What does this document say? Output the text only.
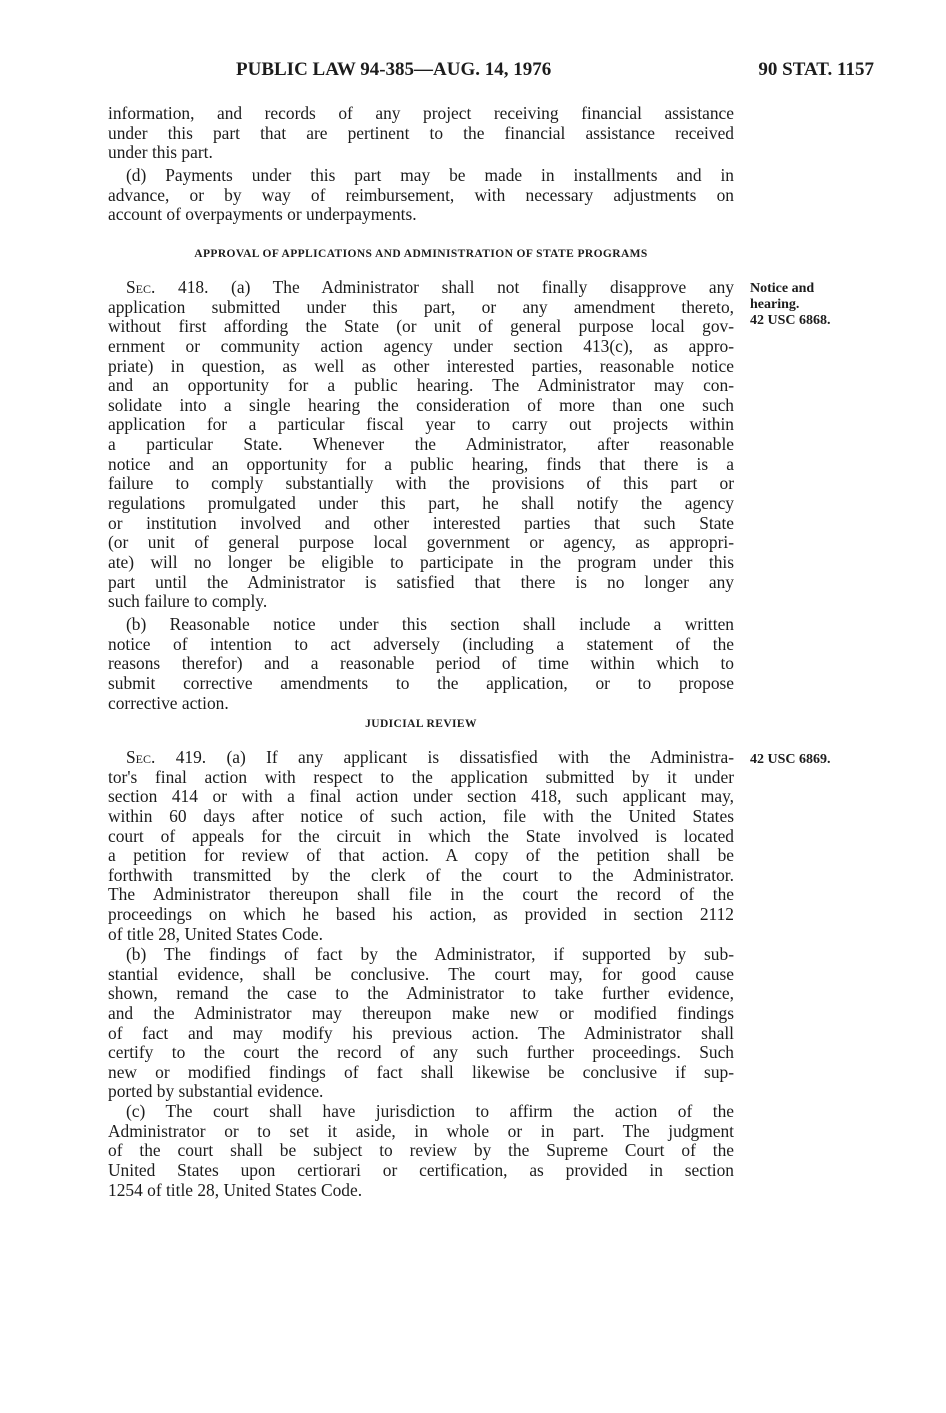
PUBLIC LAW 94-385—AUG. 14, 1976	90 STAT. 1157
information, and records of any project receiving financial assistance
under this part that are pertinent to the financial assistance received
under this part.
(d) Payments under this part may be made in installments and in
advance, or by way of reimbursement, with necessary adjustments on
account of overpayments or underpayments.
APPROVAL OF APPLICATIONS AND ADMINISTRATION OF STATE PROGRAMS
Sec. 418. (a) The Administrator shall not finally disapprove any
application submitted under this part, or any amendment thereto,
without first affording the State (or unit of general purpose local gov-
ernment or community action agency under section 413(c), as appro-
priate) in question, as well as other interested parties, reasonable notice
and an opportunity for a public hearing. The Administrator may con-
solidate into a single hearing the consideration of more than one such
application for a particular fiscal year to carry out projects within
a particular State. Whenever the Administrator, after reasonable
notice and an opportunity for a public hearing, finds that there is a
failure to comply substantially with the provisions of this part or
regulations promulgated under this part, he shall notify the agency
or institution involved and other interested parties that such State
(or unit of general purpose local government or agency, as appropri-
ate) will no longer be eligible to participate in the program under this
part until the Administrator is satisfied that there is no longer any
such failure to comply.
(b) Reasonable notice under this section shall include a written
notice of intention to act adversely (including a statement of the
reasons therefor) and a reasonable period of time within which to
submit corrective amendments to the application, or to propose
corrective action.
Notice and
hearing.
42 USC 6868.
JUDICIAL REVIEW
Sec. 419. (a) If any applicant is dissatisfied with the Administra-
tor's final action with respect to the application submitted by it under
section 414 or with a final action under section 418, such applicant may,
within 60 days after notice of such action, file with the United States
court of appeals for the circuit in which the State involved is located
a petition for review of that action. A copy of the petition shall be
forthwith transmitted by the clerk of the court to the Administrator.
The Administrator thereupon shall file in the court the record of the
proceedings on which he based his action, as provided in section 2112
of title 28, United States Code.
42 USC 6869.
(b) The findings of fact by the Administrator, if supported by sub-
stantial evidence, shall be conclusive. The court may, for good cause
shown, remand the case to the Administrator to take further evidence,
and the Administrator may thereupon make new or modified findings
of fact and may modify his previous action. The Administrator shall
certify to the court the record of any such further proceedings. Such
new or modified findings of fact shall likewise be conclusive if sup-
ported by substantial evidence.
(c) The court shall have jurisdiction to affirm the action of the
Administrator or to set it aside, in whole or in part. The judgment
of the court shall be subject to review by the Supreme Court of the
United States upon certiorari or certification, as provided in section
1254 of title 28, United States Code.
